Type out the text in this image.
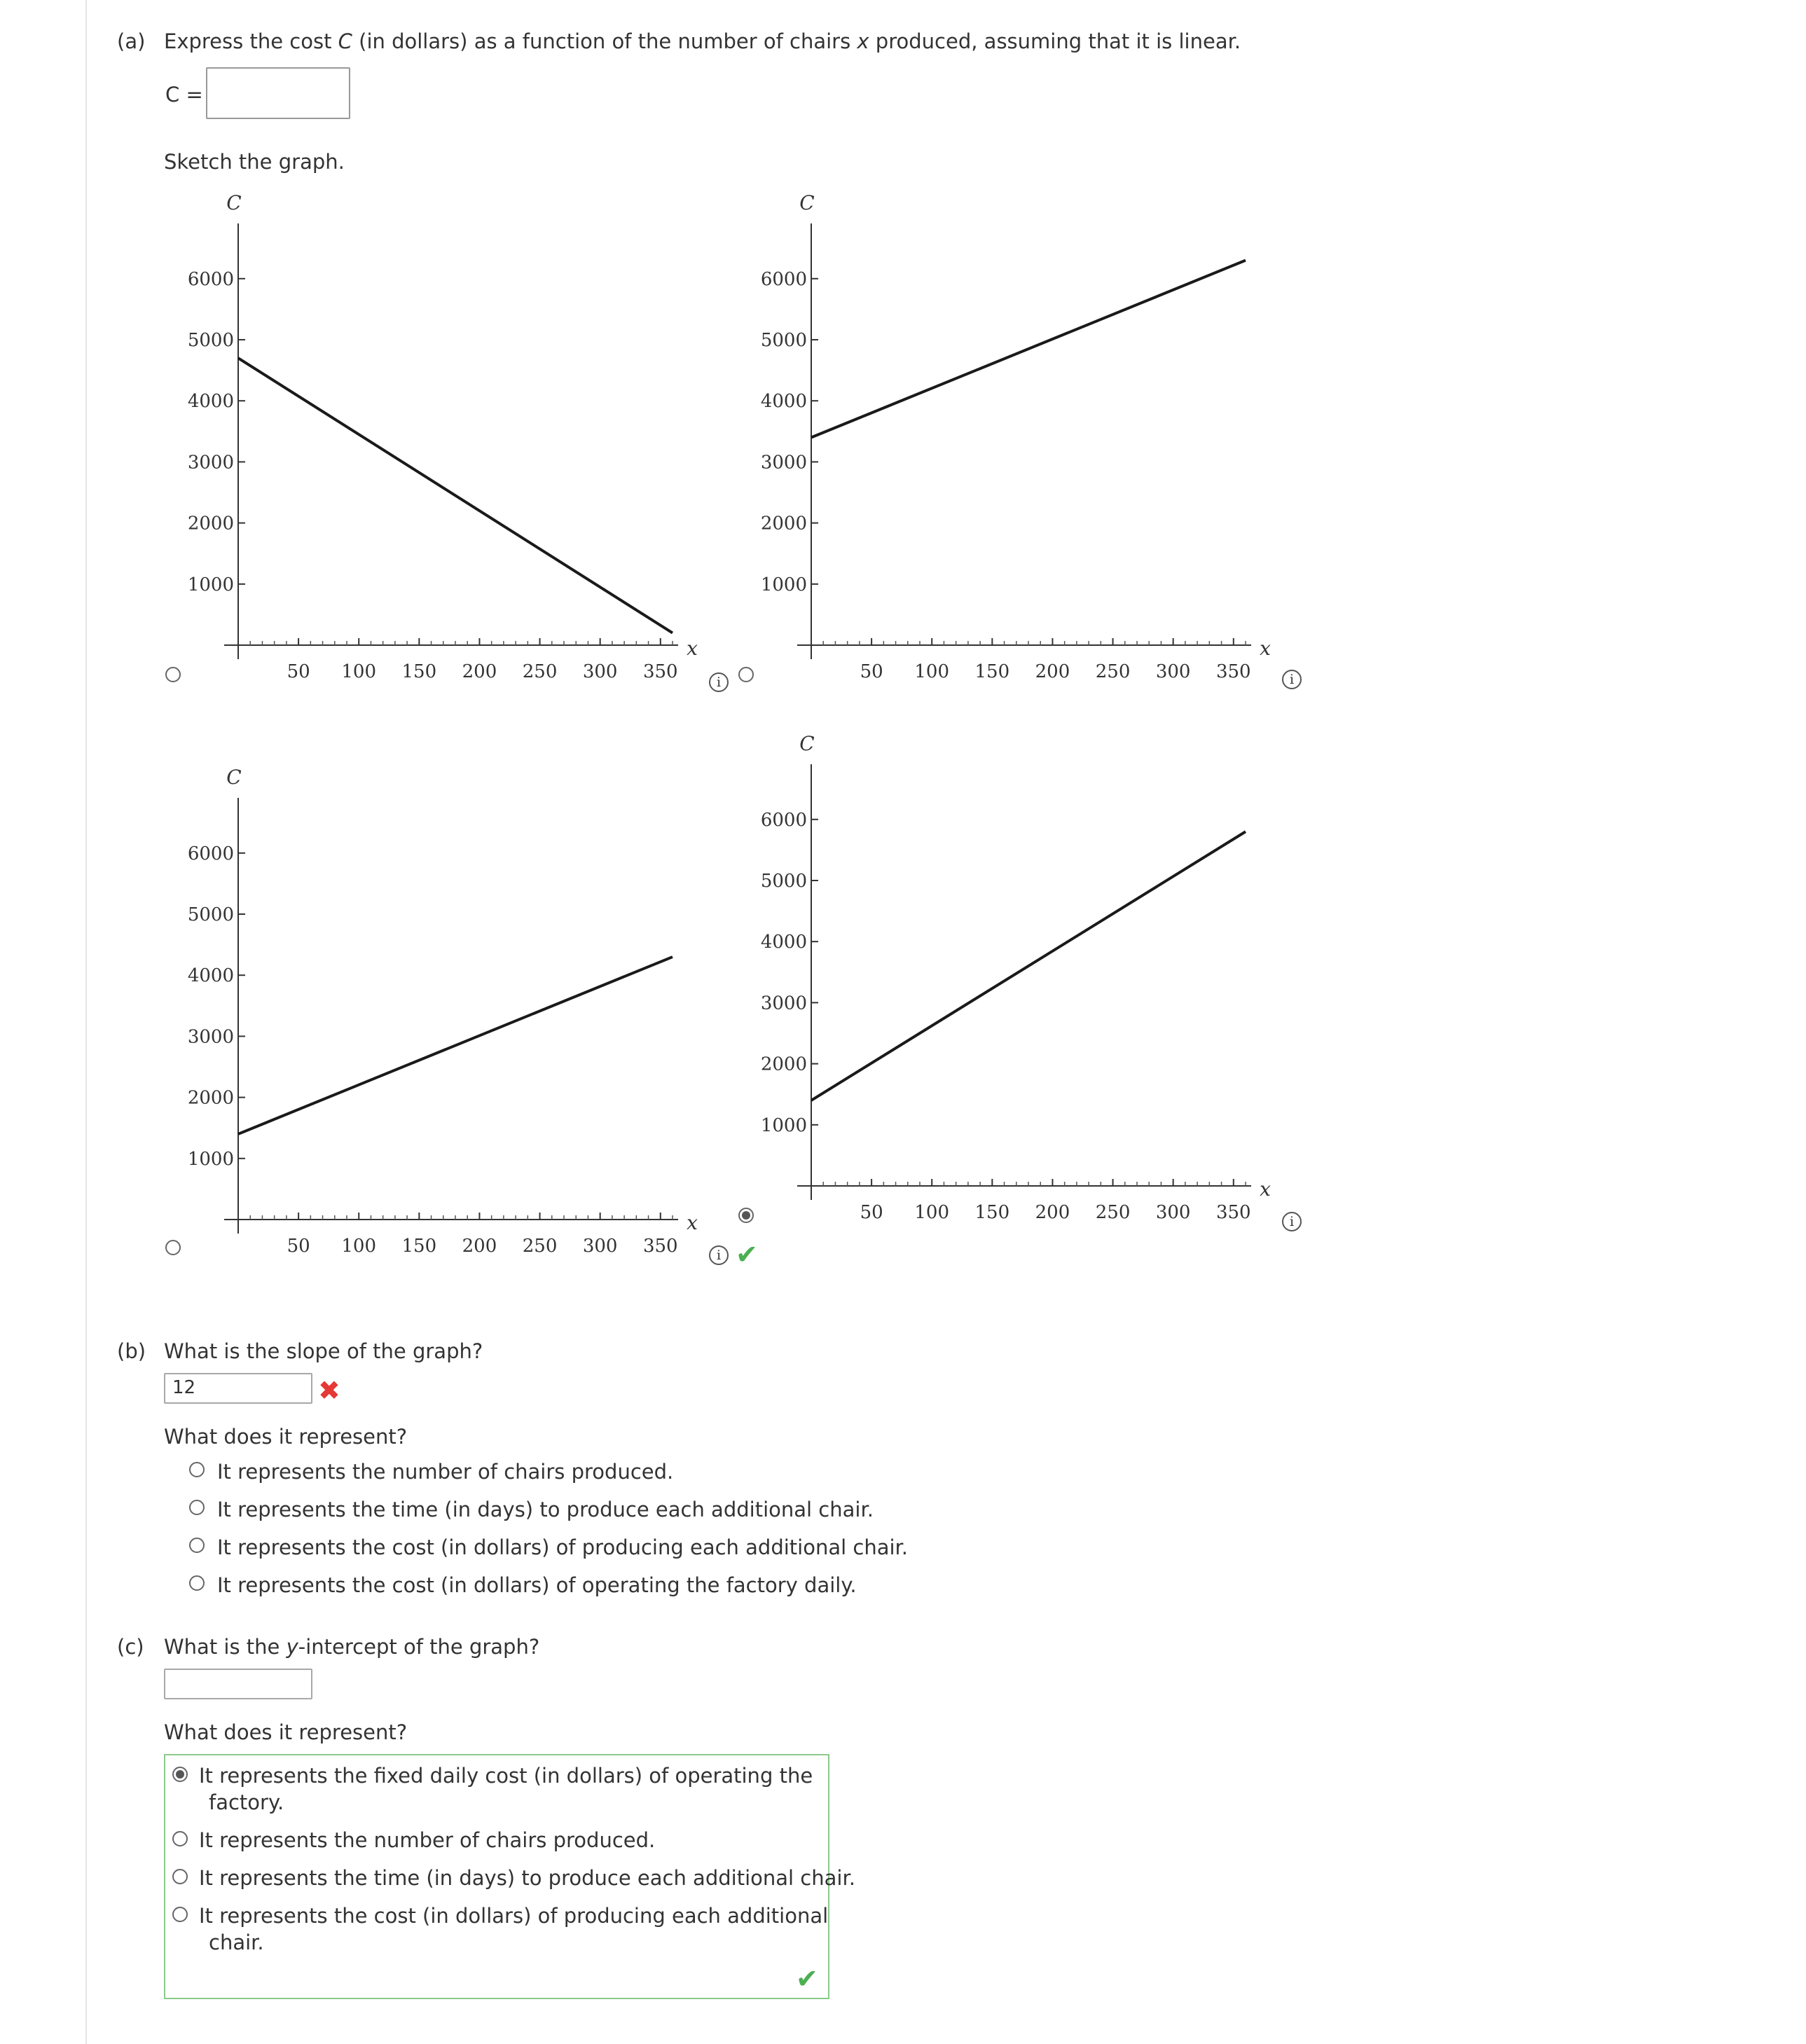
(a) Express the cost C (in dollars) as a function of the number of chairs x produced, assuming that it is linear.
C =
Sketch the graph.
C
x
50 100 150 200 250 300 350
1000
2000
3000
4000
5000
6000
i
C
x
50 100 150 200 250 300 350
1000
2000
3000
4000
5000
6000
i
C
x
50 100 150 200 250 300 350
1000
2000
3000
4000
5000
6000
i
C
x
50 100 150 200 250 300 350
1000
2000
3000
4000
5000
6000
i
✔
(b) What is the slope of the graph?
12	✖
What does it represent?
It represents the number of chairs produced.
It represents the time (in days) to produce each additional chair.
It represents the cost (in dollars) of producing each additional chair.
It represents the cost (in dollars) of operating the factory daily.
(c) What is the y-intercept of the graph?
What does it represent?
It represents the fixed daily cost (in dollars) of operating the
factory.
It represents the number of chairs produced.
It represents the time (in days) to produce each additional chair.
It represents the cost (in dollars) of producing each additional
chair.
✔
